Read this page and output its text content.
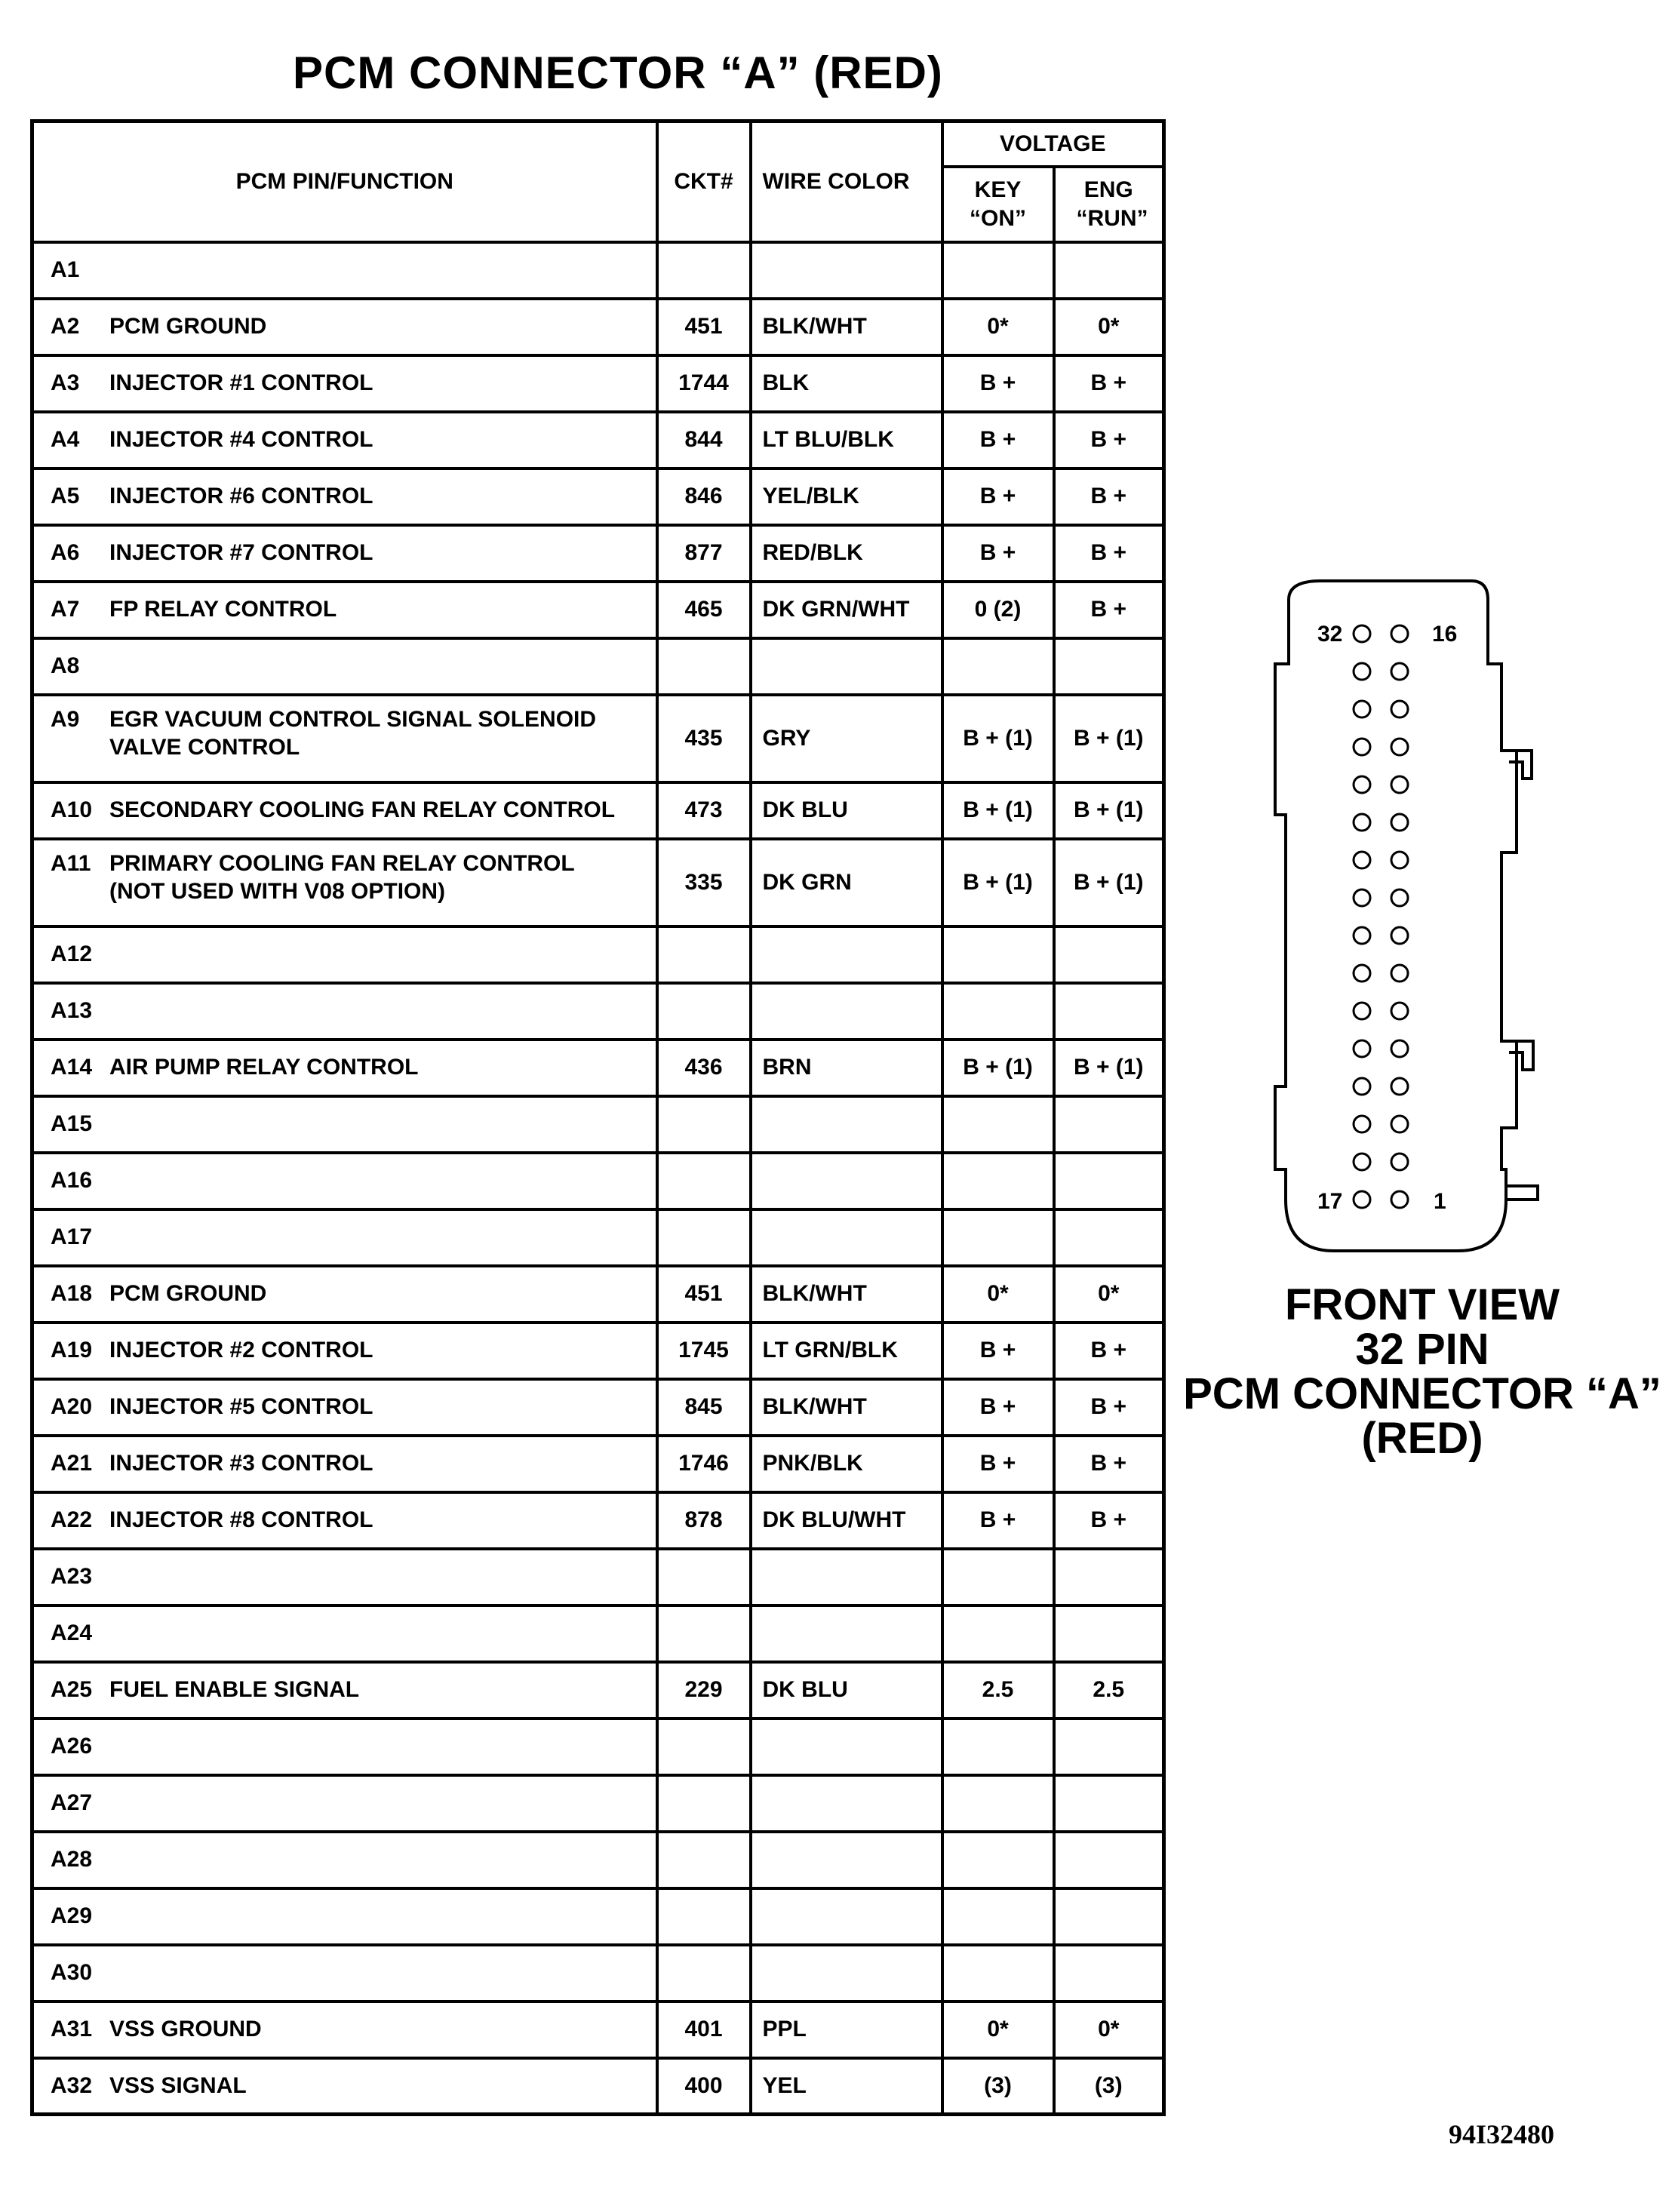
PCM CONNECTOR “A” (RED)
PCM PIN/FUNCTION	CKT#	WIRE COLOR	VOLTAGE	
			KEY “ON”	ENG “RUN”
A1				
A2 PCM GROUND	451	BLK/WHT	0*	0*
A3 INJECTOR #1 CONTROL	1744	BLK	B +	B +
A4 INJECTOR #4 CONTROL	844	LT BLU/BLK	B +	B +
A5 INJECTOR #6 CONTROL	846	YEL/BLK	B +	B +
A6 INJECTOR #7 CONTROL	877	RED/BLK	B +	B +
A7 FP RELAY CONTROL	465	DK GRN/WHT	0 (2)	B +
A8				
A9 EGR VACUUM CONTROL SIGNAL SOLENOID
VALVE CONTROL	435	GRY	B + (1)	B + (1)
A10 SECONDARY COOLING FAN RELAY CONTROL	473	DK BLU	B + (1)	B + (1)
A11 PRIMARY COOLING FAN RELAY CONTROL
(NOT USED WITH V08 OPTION)	335	DK GRN	B + (1)	B + (1)
A12				
A13				
A14 AIR PUMP RELAY CONTROL	436	BRN	B + (1)	B + (1)
A15				
A16				
A17				
A18 PCM GROUND	451	BLK/WHT	0*	0*
A19 INJECTOR #2 CONTROL	1745	LT GRN/BLK	B +	B +
A20 INJECTOR #5 CONTROL	845	BLK/WHT	B +	B +
A21 INJECTOR #3 CONTROL	1746	PNK/BLK	B +	B +
A22 INJECTOR #8 CONTROL	878	DK BLU/WHT	B +	B +
A23				
A24				
A25 FUEL ENABLE SIGNAL	229	DK BLU	2.5	2.5
A26				
A27				
A28				
A29				
A30				
A31 VSS GROUND	401	PPL	0*	0*
A32 VSS SIGNAL	400	YEL	(3)	(3)
32	16
17	1
FRONT VIEW
32 PIN
PCM CONNECTOR “A”
(RED)
94I32480
